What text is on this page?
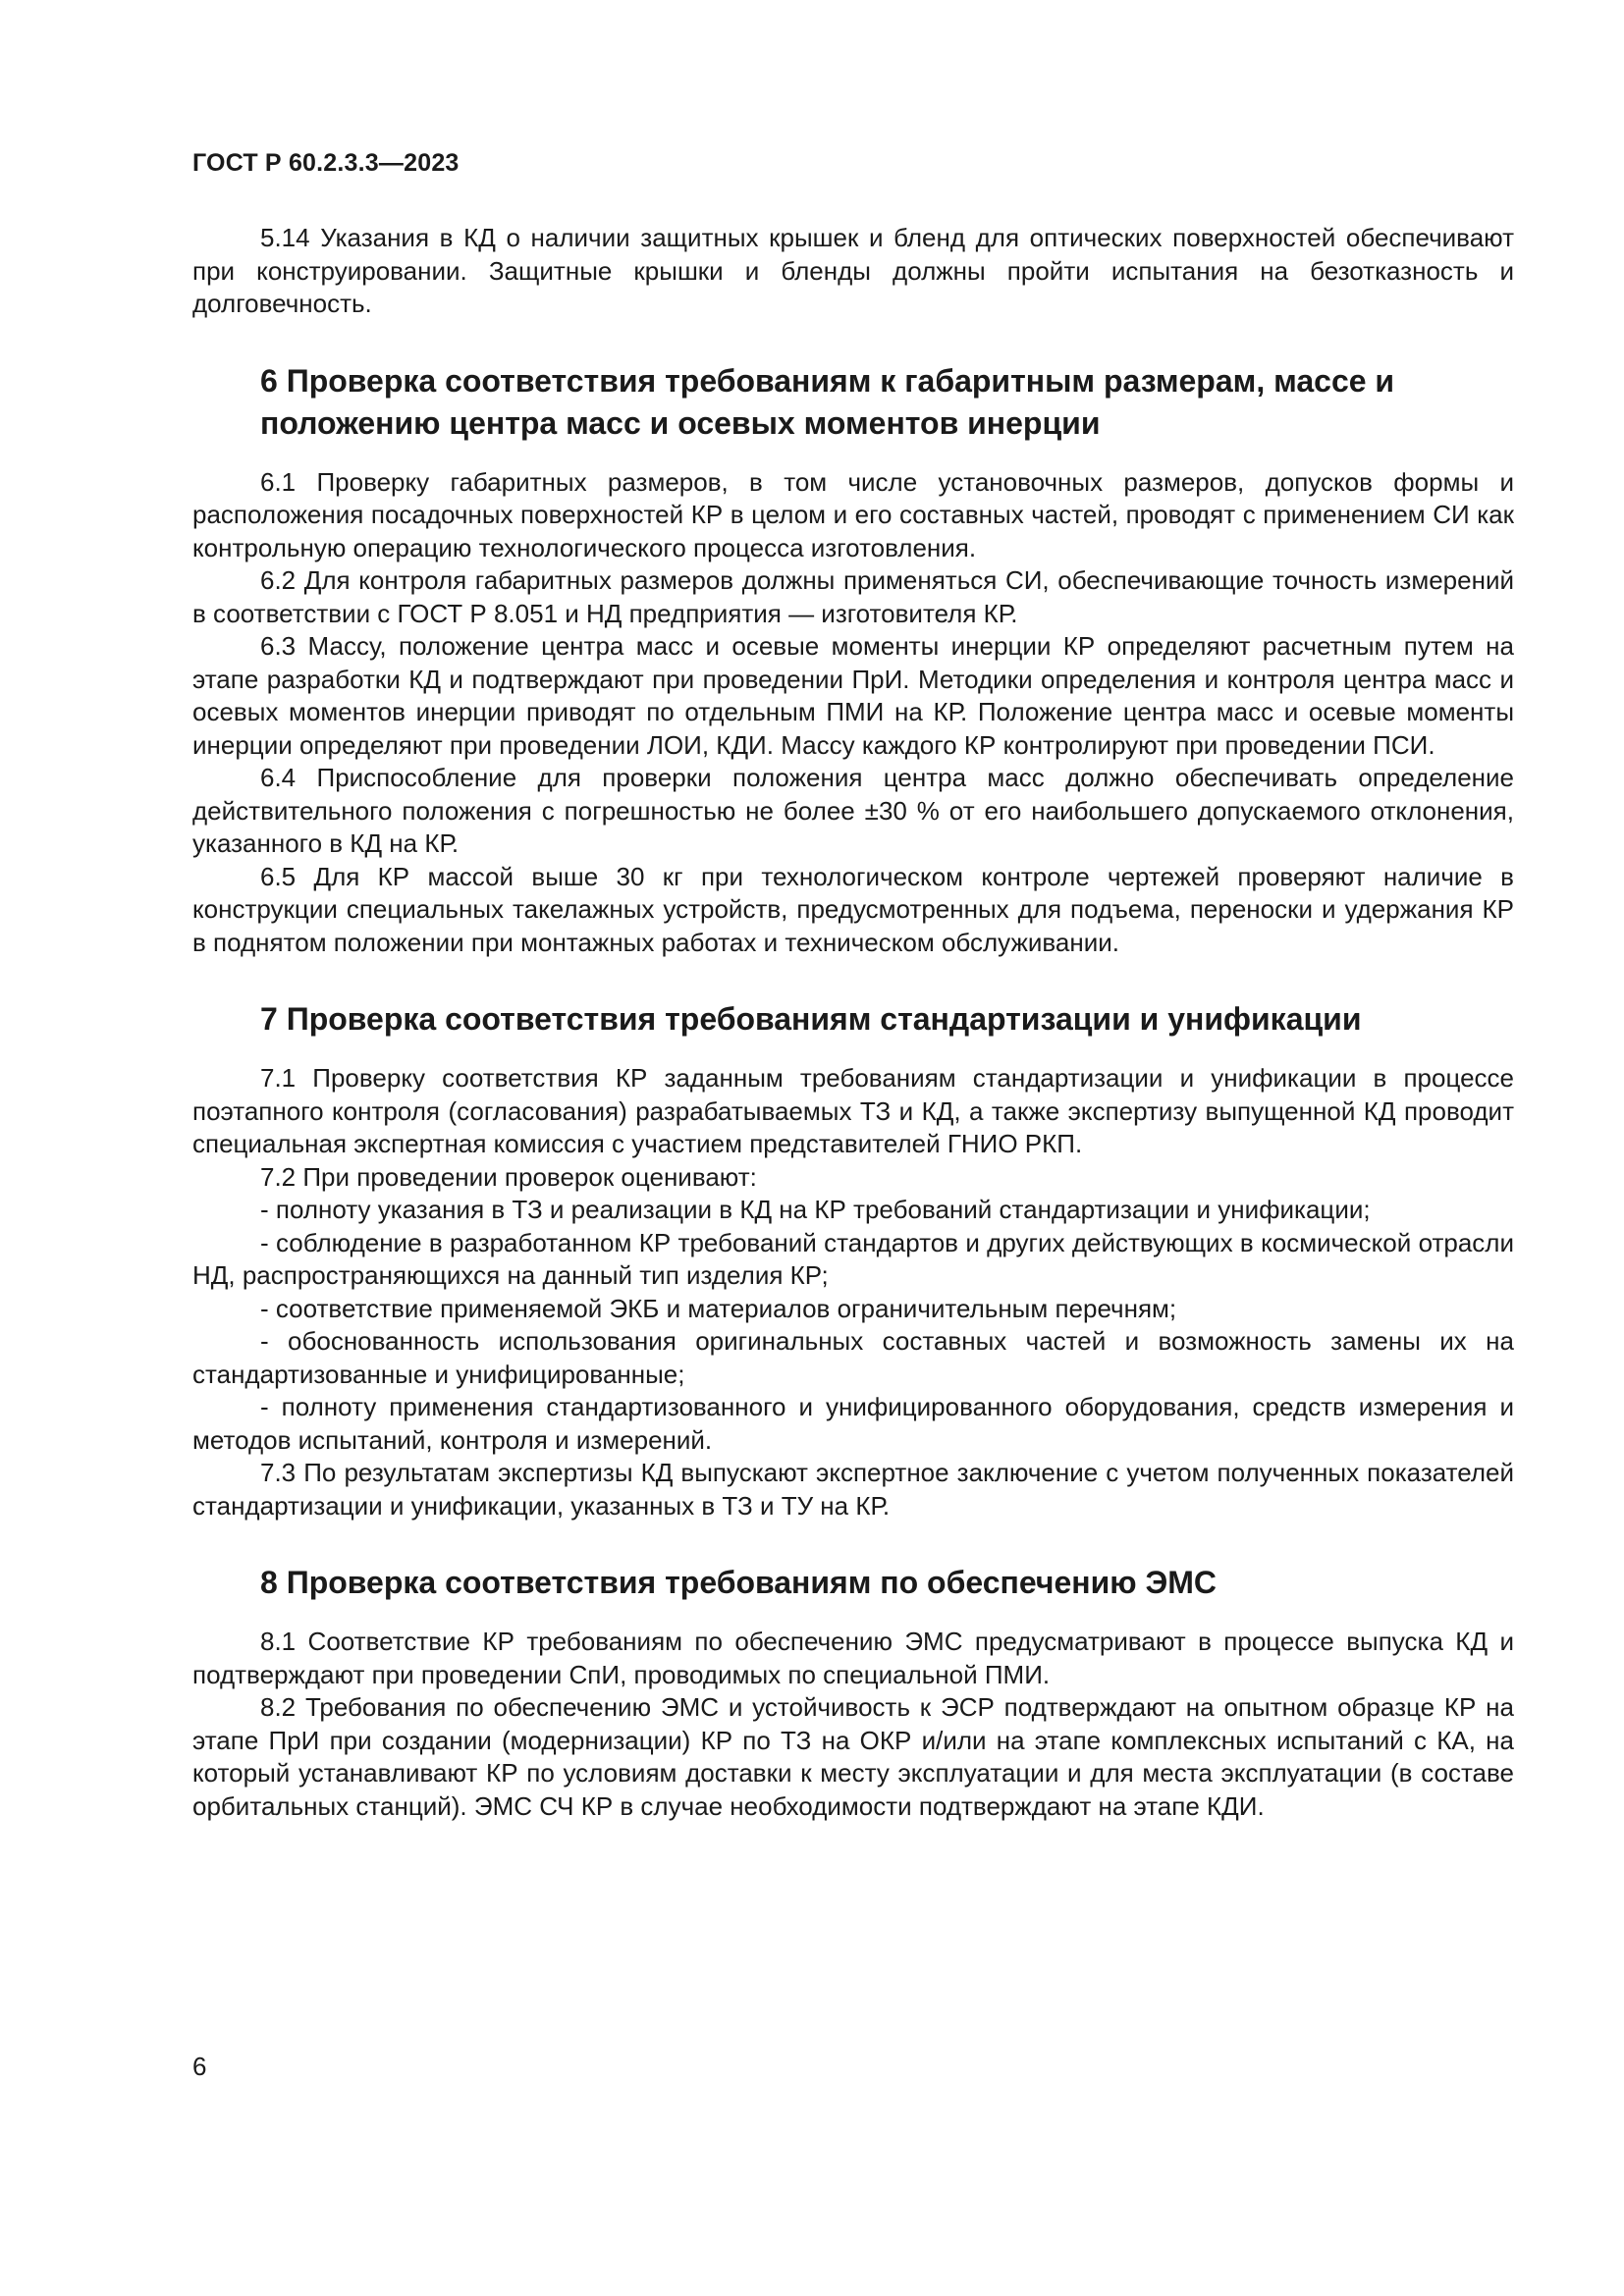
ГОСТ Р 60.2.3.3—2023

5.14 Указания в КД о наличии защитных крышек и бленд для оптических поверхностей обеспечивают при конструировании. Защитные крышки и бленды должны пройти испытания на безотказность и долговечность.

6 Проверка соответствия требованиям к габаритным размерам, массе и положению центра масс и осевых моментов инерции

6.1 Проверку габаритных размеров, в том числе установочных размеров, допусков формы и расположения посадочных поверхностей КР в целом и его составных частей, проводят с применением СИ как контрольную операцию технологического процесса изготовления.

6.2 Для контроля габаритных размеров должны применяться СИ, обеспечивающие точность измерений в соответствии с ГОСТ Р 8.051 и НД предприятия — изготовителя КР.

6.3 Массу, положение центра масс и осевые моменты инерции КР определяют расчетным путем на этапе разработки КД и подтверждают при проведении ПрИ. Методики определения и контроля центра масс и осевых моментов инерции приводят по отдельным ПМИ на КР. Положение центра масс и осевые моменты инерции определяют при проведении ЛОИ, КДИ. Массу каждого КР контролируют при проведении ПСИ.

6.4 Приспособление для проверки положения центра масс должно обеспечивать определение действительного положения с погрешностью не более ±30 % от его наибольшего допускаемого отклонения, указанного в КД на КР.

6.5 Для КР массой выше 30 кг при технологическом контроле чертежей проверяют наличие в конструкции специальных такелажных устройств, предусмотренных для подъема, переноски и удержания КР в поднятом положении при монтажных работах и техническом обслуживании.

7 Проверка соответствия требованиям стандартизации и унификации

7.1 Проверку соответствия КР заданным требованиям стандартизации и унификации в процессе поэтапного контроля (согласования) разрабатываемых ТЗ и КД, а также экспертизу выпущенной КД проводит специальная экспертная комиссия с участием представителей ГНИО РКП.

7.2 При проведении проверок оценивают:

- полноту указания в ТЗ и реализации в КД на КР требований стандартизации и унификации;

- соблюдение в разработанном КР требований стандартов и других действующих в космической отрасли НД, распространяющихся на данный тип изделия КР;

- соответствие применяемой ЭКБ и материалов ограничительным перечням;

- обоснованность использования оригинальных составных частей и возможность замены их на стандартизованные и унифицированные;

- полноту применения стандартизованного и унифицированного оборудования, средств измерения и методов испытаний, контроля и измерений.

7.3 По результатам экспертизы КД выпускают экспертное заключение с учетом полученных показателей стандартизации и унификации, указанных в ТЗ и ТУ на КР.

8 Проверка соответствия требованиям по обеспечению ЭМС

8.1 Соответствие КР требованиям по обеспечению ЭМС предусматривают в процессе выпуска КД и подтверждают при проведении СпИ, проводимых по специальной ПМИ.

8.2 Требования по обеспечению ЭМС и устойчивость к ЭСР подтверждают на опытном образце КР на этапе ПрИ при создании (модернизации) КР по ТЗ на ОКР и/или на этапе комплексных испытаний с КА, на который устанавливают КР по условиям доставки к месту эксплуатации и для места эксплуатации (в составе орбитальных станций). ЭМС СЧ КР в случае необходимости подтверждают на этапе КДИ.

6
